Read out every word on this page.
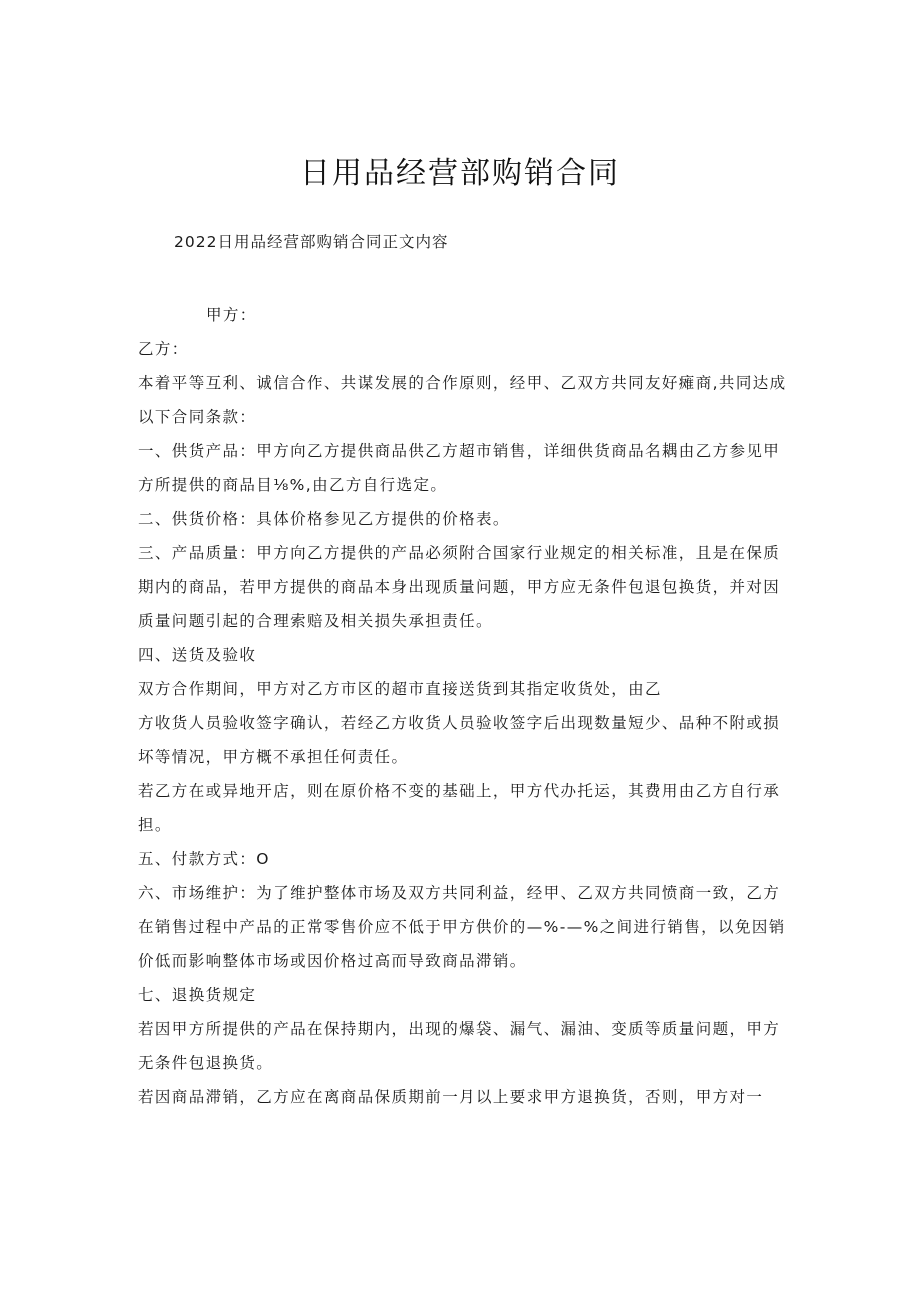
日用品经营部购销合同
2022日用品经营部购销合同正文内容

甲方：

乙方：

本着平等互利、诚信合作、共谋发展的合作原则，经甲、乙双方共同友好瘫商,共同达成以下合同条款：

一、供货产品：甲方向乙方提供商品供乙方超市销售，详细供货商品名耦由乙方参见甲方所提供的商品目⅛%,由乙方自行选定。

二、供货价格：具体价格参见乙方提供的价格表。

三、产品质量：甲方向乙方提供的产品必须附合国家行业规定的相关标准，且是在保质期内的商品，若甲方提供的商品本身出现质量问题，甲方应无条件包退包换货，并对因质量问题引起的合理索赔及相关损失承担责任。

四、送货及验收

双方合作期间，甲方对乙方市区的超市直接送货到其指定收货处，由乙

方收货人员验收签字确认，若经乙方收货人员验收签字后出现数量短少、品种不附或损坏等情况，甲方概不承担任何责任。

若乙方在或异地开店，则在原价格不变的基础上，甲方代办托运，其费用由乙方自行承担。

五、付款方式：O

六、市场维护：为了维护整体市场及双方共同利益，经甲、乙双方共同愤商一致，乙方在销售过程中产品的正常零售价应不低于甲方供价的—%-—%之间进行销售，以免因销价低而影响整体市场或因价格过高而导致商品滞销。

七、退换货规定

若因甲方所提供的产品在保持期内，出现的爆袋、漏气、漏油、变质等质量问题，甲方无条件包退换货。

若因商品滞销，乙方应在离商品保质期前一月以上要求甲方退换货，否则，甲方对一
